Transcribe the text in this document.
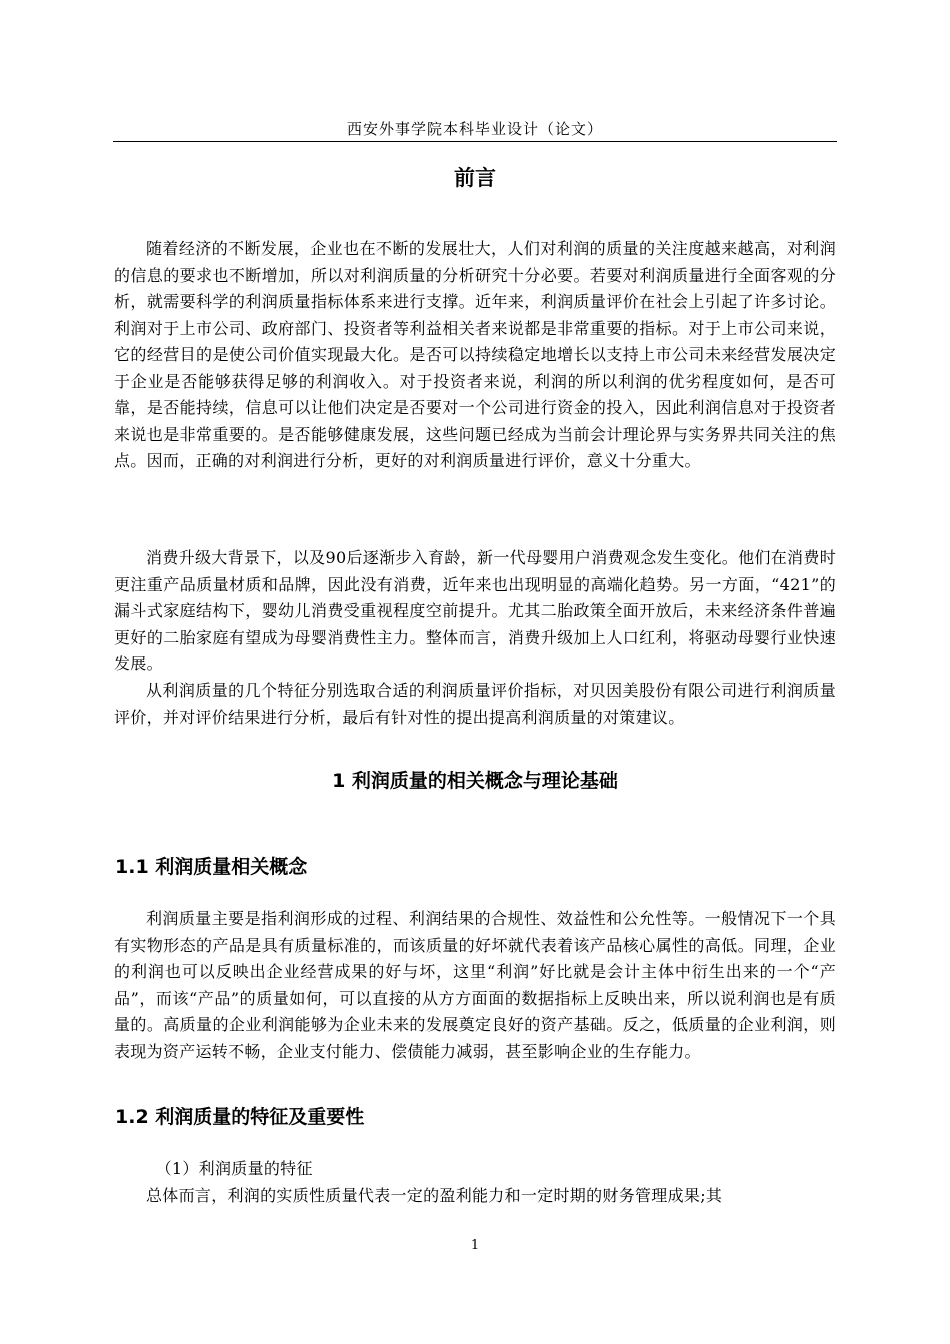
西安外事学院本科毕业设计（论文）
前言
随着经济的不断发展，企业也在不断的发展壮大，人们对利润的质量的关注度越来越高，对利润的信息的要求也不断增加，所以对利润质量的分析研究十分必要。若要对利润质量进行全面客观的分析，就需要科学的利润质量指标体系来进行支撑。近年来，利润质量评价在社会上引起了许多讨论。利润对于上市公司、政府部门、投资者等利益相关者来说都是非常重要的指标。对于上市公司来说，它的经营目的是使公司价值实现最大化。是否可以持续稳定地增长以支持上市公司未来经营发展决定于企业是否能够获得足够的利润收入。对于投资者来说，利润的所以利润的优劣程度如何，是否可靠，是否能持续，信息可以让他们决定是否要对一个公司进行资金的投入，因此利润信息对于投资者来说也是非常重要的。是否能够健康发展，这些问题已经成为当前会计理论界与实务界共同关注的焦点。因而，正确的对利润进行分析，更好的对利润质量进行评价，意义十分重大。
消费升级大背景下，以及90后逐渐步入育龄，新一代母婴用户消费观念发生变化。他们在消费时更注重产品质量材质和品牌，因此没有消费，近年来也出现明显的高端化趋势。另一方面，“421”的漏斗式家庭结构下，婴幼儿消费受重视程度空前提升。尤其二胎政策全面开放后，未来经济条件普遍更好的二胎家庭有望成为母婴消费性主力。整体而言，消费升级加上人口红利，将驱动母婴行业快速发展。
从利润质量的几个特征分别选取合适的利润质量评价指标，对贝因美股份有限公司进行利润质量评价，并对评价结果进行分析，最后有针对性的提出提高利润质量的对策建议。
1 利润质量的相关概念与理论基础
1.1 利润质量相关概念
利润质量主要是指利润形成的过程、利润结果的合规性、效益性和公允性等。一般情况下一个具有实物形态的产品是具有质量标准的，而该质量的好坏就代表着该产品核心属性的高低。同理，企业的利润也可以反映出企业经营成果的好与坏，这里“利润”好比就是会计主体中衍生出来的一个“产品”，而该“产品”的质量如何，可以直接的从方方面面的数据指标上反映出来，所以说利润也是有质量的。高质量的企业利润能够为企业未来的发展奠定良好的资产基础。反之，低质量的企业利润，则表现为资产运转不畅，企业支付能力、偿债能力减弱，甚至影响企业的生存能力。
1.2 利润质量的特征及重要性
（1）利润质量的特征
总体而言，利润的实质性质量代表一定的盈利能力和一定时期的财务管理成果;其
1
